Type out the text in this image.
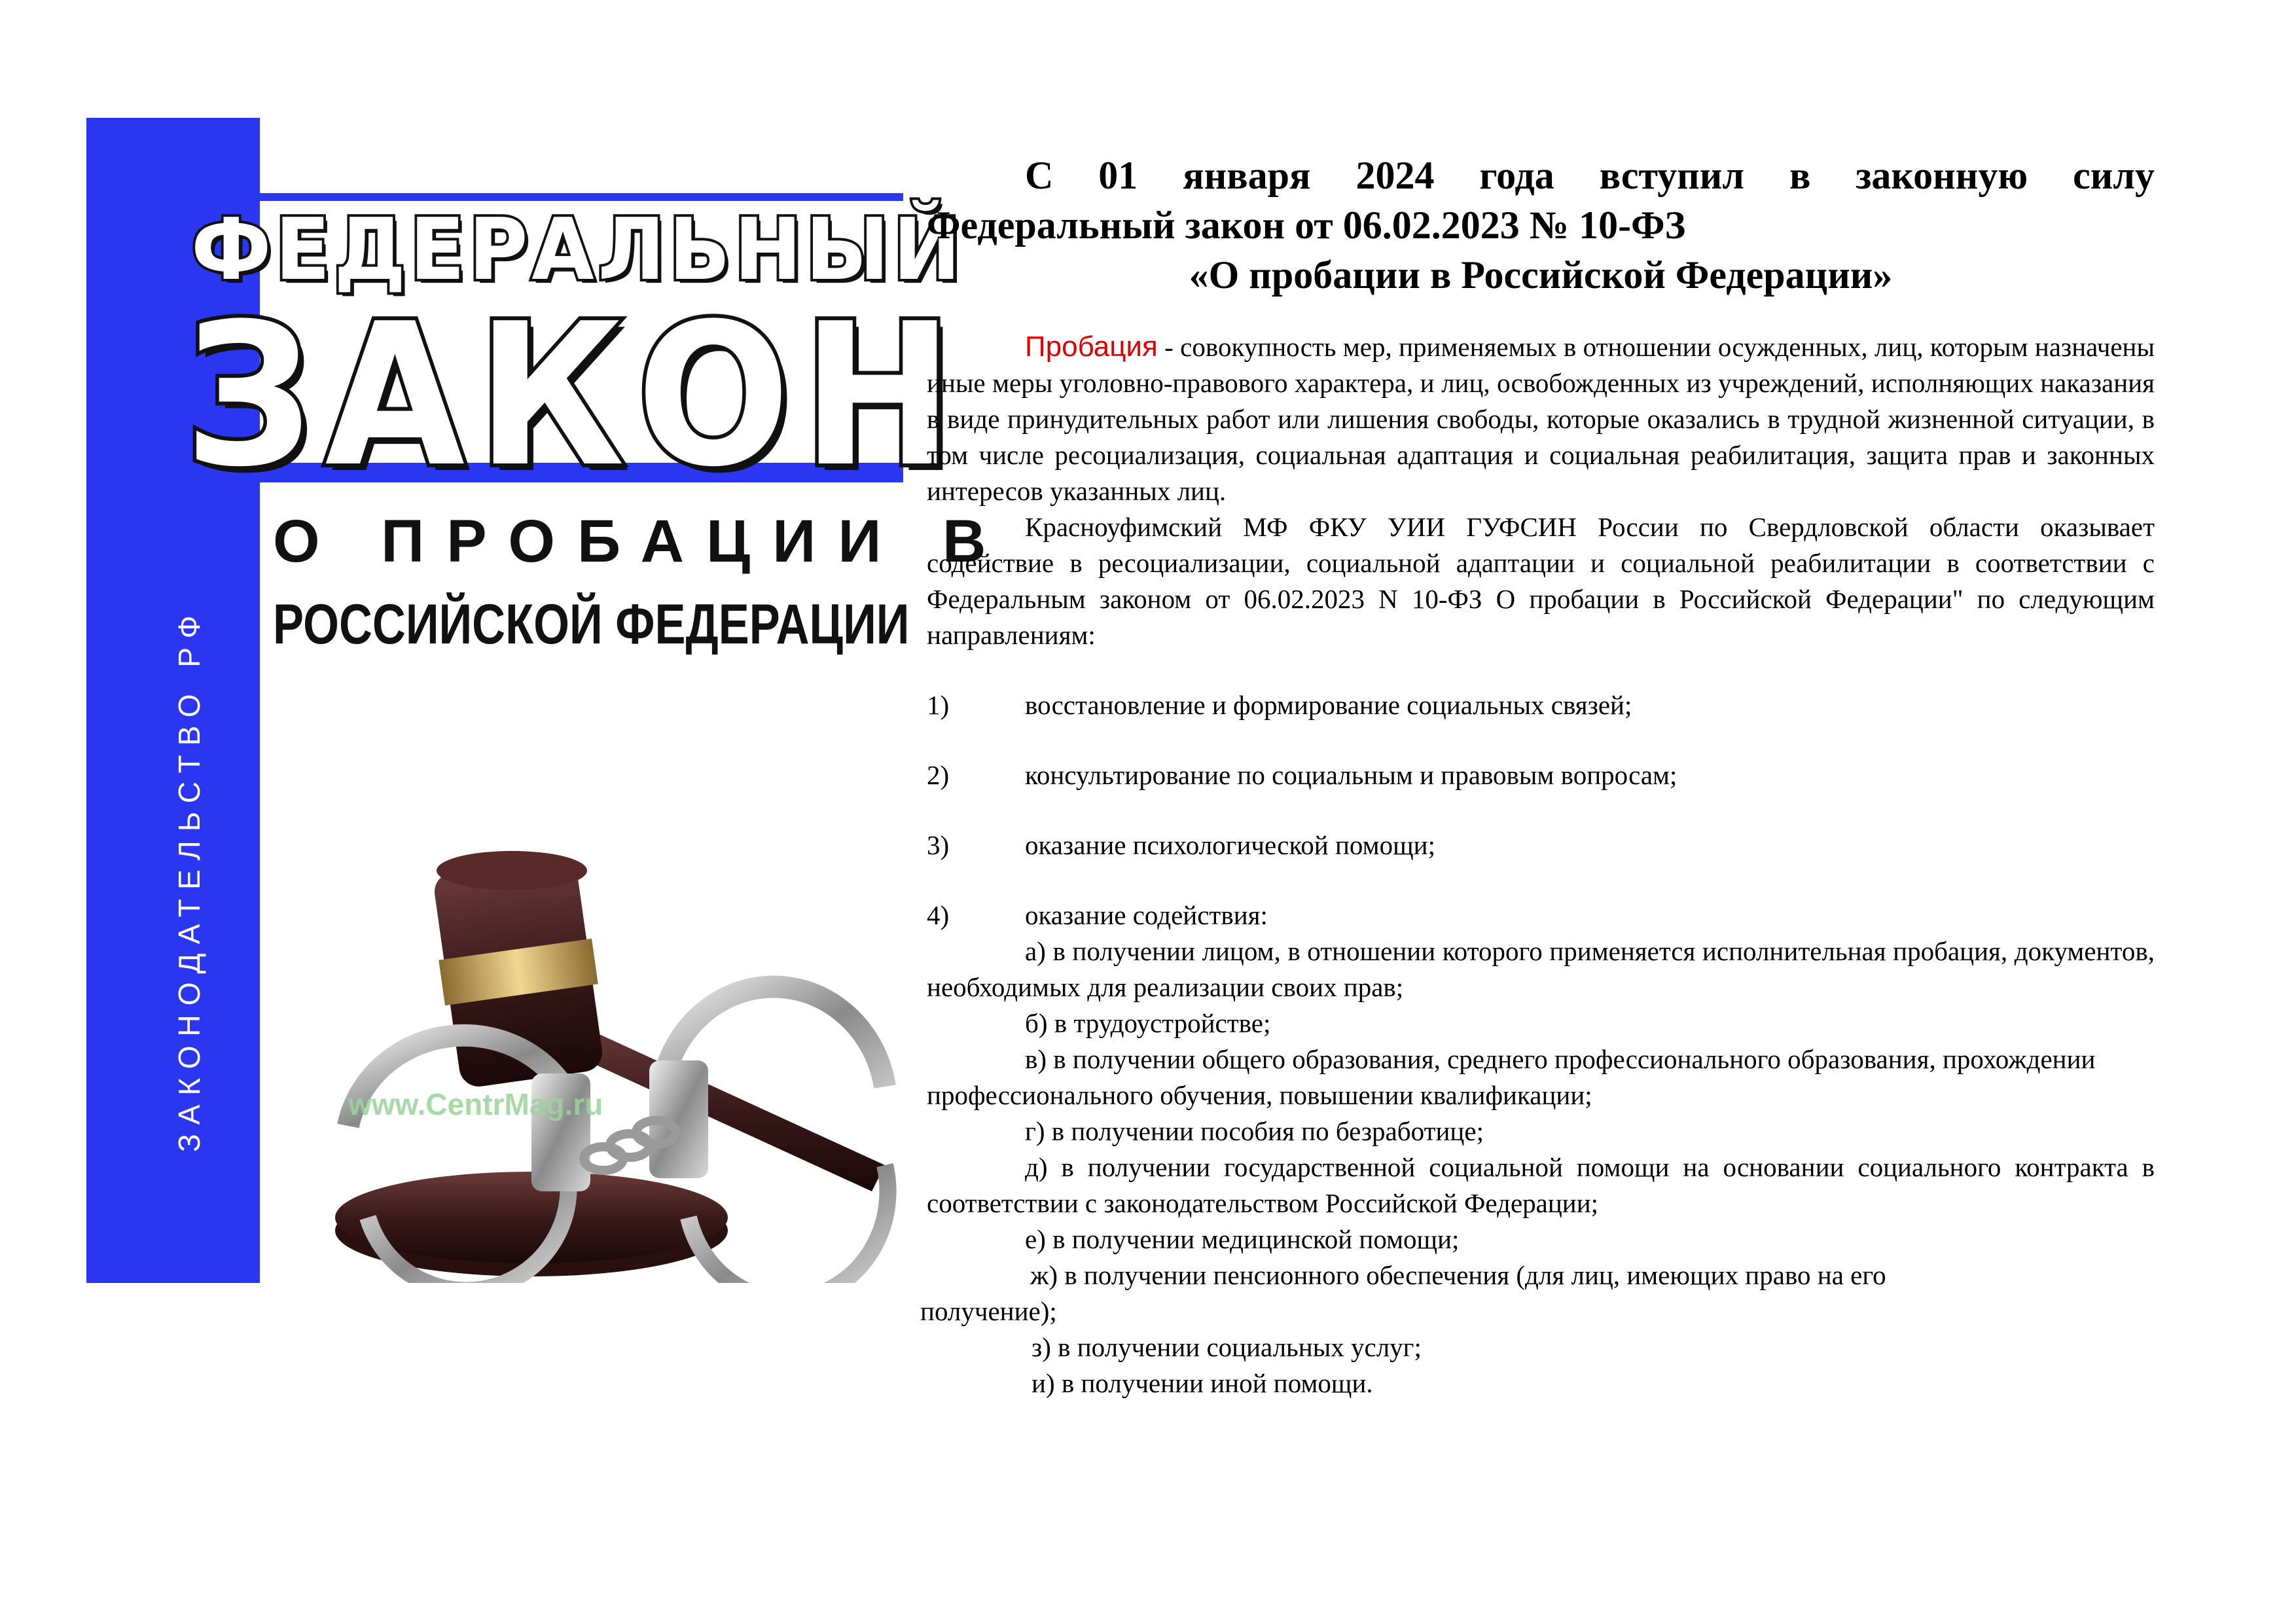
ФЕДЕРАЛЬНЫЙ
ЗАКОН
О ПРОБАЦИИ В
РОССИЙСКОЙ ФЕДЕРАЦИИ
ЗАКОНОДАТЕЛЬСТВО РФ	www.CentrMag.ru
С 01 января 2024 года вступил в законную силу
Федеральный закон от 06.02.2023 № 10-ФЗ
«О пробации в Российской Федерации»

Пробация - совокупность мер, применяемых в отношении осужденных, лиц, которым назначены иные меры уголовно-правового характера, и лиц, освобожденных из учреждений, исполняющих наказания в виде принудительных работ или лишения свободы, которые оказались в трудной жизненной ситуации, в том числе ресоциализация, социальная адаптация и социальная реабилитация, защита прав и законных интересов указанных лиц.

Красноуфимский МФ ФКУ УИИ ГУФСИН России по Свердловской области оказывает содействие в ресоциализации, социальной адаптации и социальной реабилитации в соответствии с Федеральным законом от 06.02.2023 N 10-ФЗ О пробации в Российской Федерации" по следующим направлениям:

1)	восстановление и формирование социальных связей;
2)	консультирование по социальным и правовым вопросам;
3)	оказание психологической помощи;
4)	оказание содействия:

а) в получении лицом, в отношении которого применяется исполнительная пробация, документов, необходимых для реализации своих прав;

б) в трудоустройстве;

в) в получении общего образования, среднего профессионального образования, прохождении

профессионального обучения, повышении квалификации;

г) в получении пособия по безработице;

д) в получении государственной социальной помощи на основании социального контракта в соответствии с законодательством Российской Федерации;

е) в получении медицинской помощи;

ж) в получении пенсионного обеспечения (для лиц, имеющих право на его

получение);

з) в получении социальных услуг;

и) в получении иной помощи.
